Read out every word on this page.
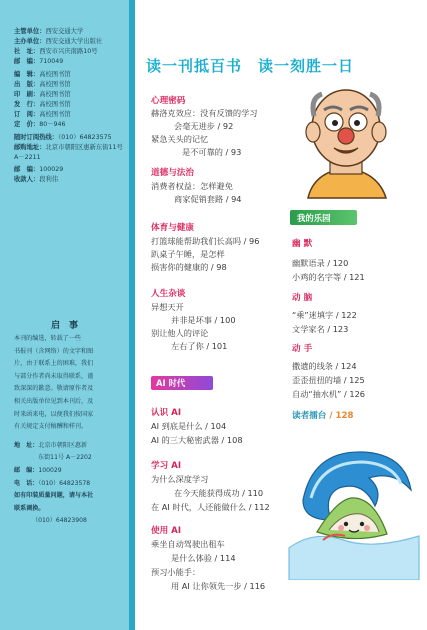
主管单位：西安交通大学
主办单位：西安交通大学出版社
社　址：西安市兴庆南路10号
邮　编：710049
编　辑：高校图书馆
出　版：高校图书馆
印　刷：高校图书馆
发　行：高校图书馆
订　阅：高校图书馆
定　价：80－946
随时订阅热线：（010）64823575
邮购地址：北京市朝阳区惠新东街11号A－2211
邮　编：100029
收款人：段利伟
启　事
本刊的编选，转载了一些
书报刊（含网络）的文字和图
片，由于联系上的困难，我们
与部分作者尚未取得联系，谨
致深深的歉意。敬请原作者及
相关出版单位见到本刊后，及
时来函来电，以便我们按国家
有关规定支付稿酬和样刊。
地　址：北京市朝阳区惠新
东街11号 A－2202
邮　编：100029
电　话：（010）64823578
如有印装质量问题，请与本社
联系调换。
（010）64823908
读一刊抵百书　读一刻胜一日
心理密码
赫洛克效应：没有反馈的学习
会毫无进步 / 92
紧急关头的记忆
是不可靠的 / 93
道德与法治
消费者权益：怎样避免
商家促销套路 / 94
体育与健康
打篮球能帮助我们长高吗 / 96
趴桌子午睡，是怎样
损害你的健康的 / 98
人生杂谈
异想天开
并非是坏事 / 100
别让他人的评论
左右了你 / 101
AI 时代
认识 AI
AI 到底是什么 / 104
AI 的三大秘密武器 / 108
学习 AI
为什么深度学习
在今天能获得成功 / 110
在 AI 时代，人还能做什么 / 112
使用 AI
乘坐自动驾驶出租车
是什么体验 / 114
预习小能手：
用 AI 让你领先一步 / 116
我的乐园
幽 默
幽默语录 / 120
小鸡的名字等 / 121
动 脑
“乘”迷填字 / 122
文学家名 / 123
动 手
撒遗的线条 / 124
歪歪扭扭的墙 / 125
自动“抽水机” / 126
读者擂台 / 128
